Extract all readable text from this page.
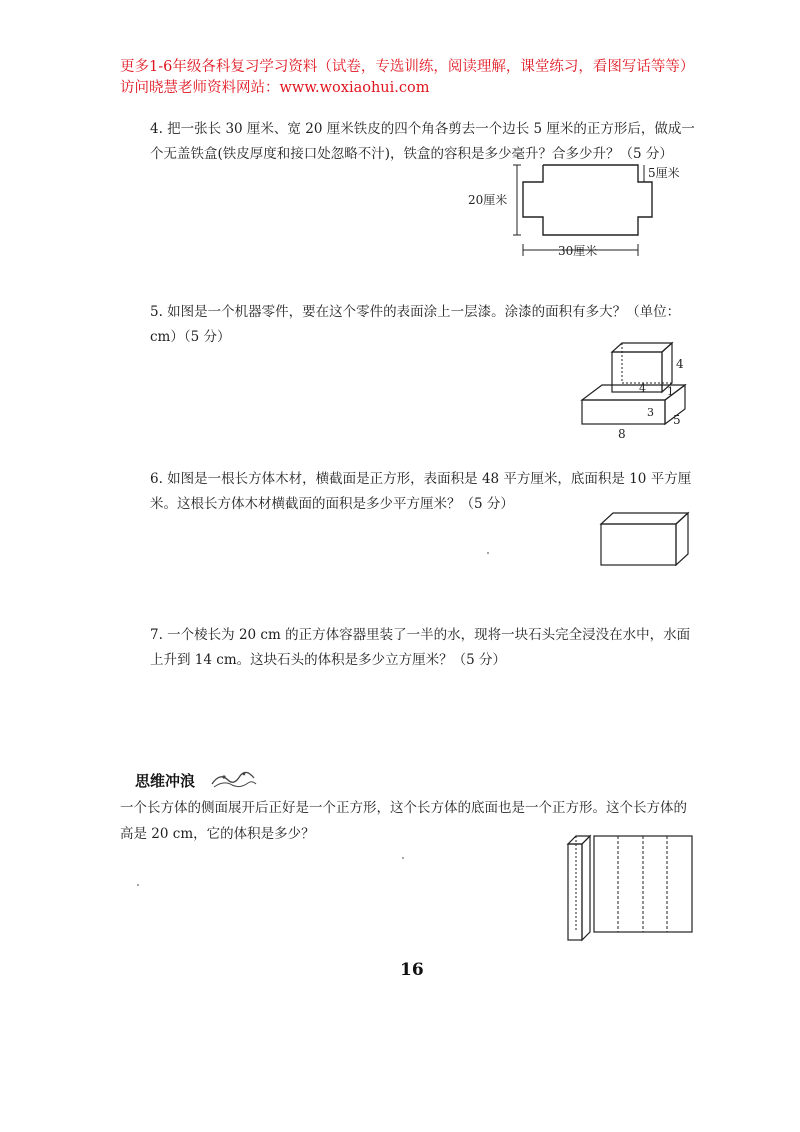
更多1-6年级各科复习学习资料（试卷，专选训练，阅读理解，课堂练习，看图写话等等）访问晓慧老师资料网站：www.woxiaohui.com
4. 把一张长 30 厘米、宽 20 厘米铁皮的四个角各剪去一个边长 5 厘米的正方形后，做成一个无盖铁盒(铁皮厚度和接口处忽略不汁)，铁盒的容积是多少毫升？合多少升？（5 分）
20厘米
30厘米
5厘米
5. 如图是一个机器零件，要在这个零件的表面涂上一层漆。涂漆的面积有多大？（单位：cm）（5 分）
4
4 1
3
8
5
6. 如图是一根长方体木材，横截面是正方形，表面积是 48 平方厘米，底面积是 10 平方厘米。这根长方体木材横截面的面积是多少平方厘米？（5 分）
7. 一个棱长为 20 cm 的正方体容器里装了一半的水，现将一块石头完全浸没在水中，水面上升到 14 cm。这块石头的体积是多少立方厘米？（5 分）
思维冲浪
一个长方体的侧面展开后正好是一个正方形，这个长方体的底面也是一个正方形。这个长方体的高是 20 cm，它的体积是多少？
16
